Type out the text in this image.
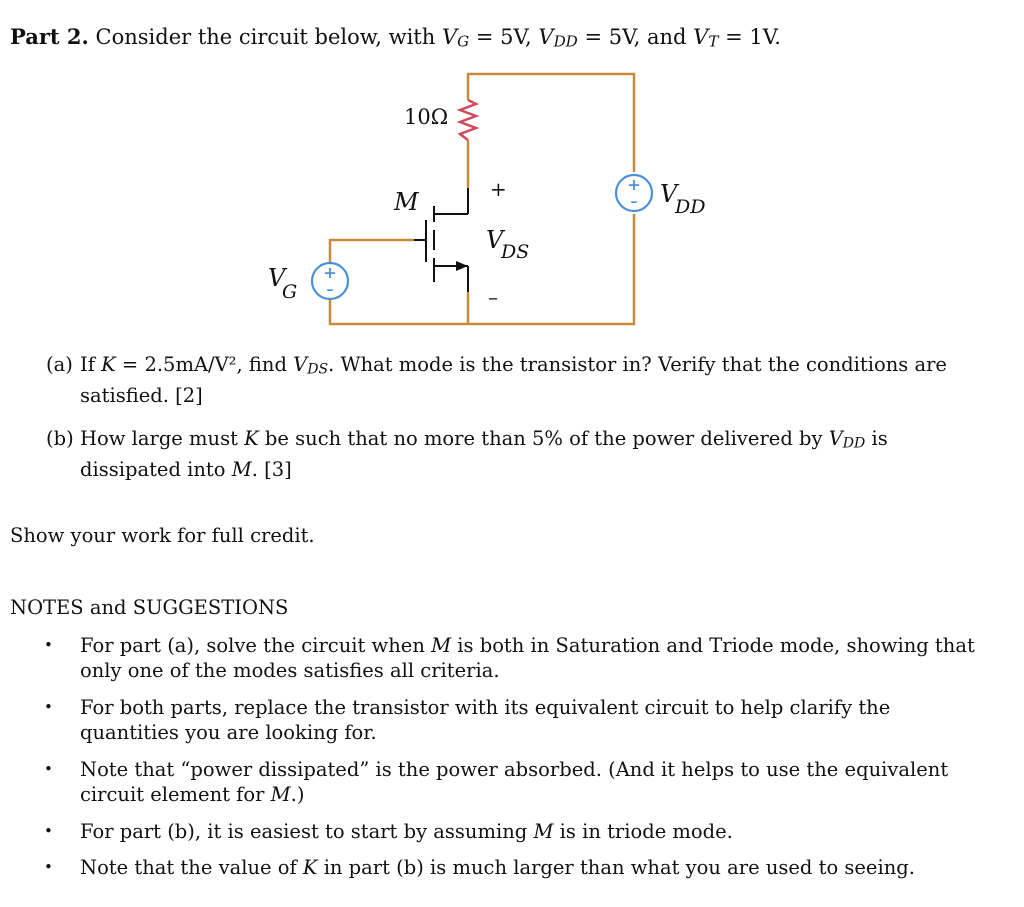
Part 2. Consider the circuit below, with VG = 5V, VDD = 5V, and VT = 1V.
+
–
+
–
10Ω
M	+
–
V
DS
V
DD
V
G
(a) If K = 2.5mA/V², find VDS. What mode is the transistor in? Verify that the conditions are
satisfied. [2]
(b) How large must K be such that no more than 5% of the power delivered by VDD is
dissipated into M. [3]
Show your work for full credit.
NOTES and SUGGESTIONS
• For part (a), solve the circuit when M is both in Saturation and Triode mode, showing that only one of the modes satisfies all criteria.
• For both parts, replace the transistor with its equivalent circuit to help clarify the quantities you are looking for.
• Note that “power dissipated” is the power absorbed. (And it helps to use the equivalent circuit element for M.)
• For part (b), it is easiest to start by assuming M is in triode mode.
• Note that the value of K in part (b) is much larger than what you are used to seeing.
